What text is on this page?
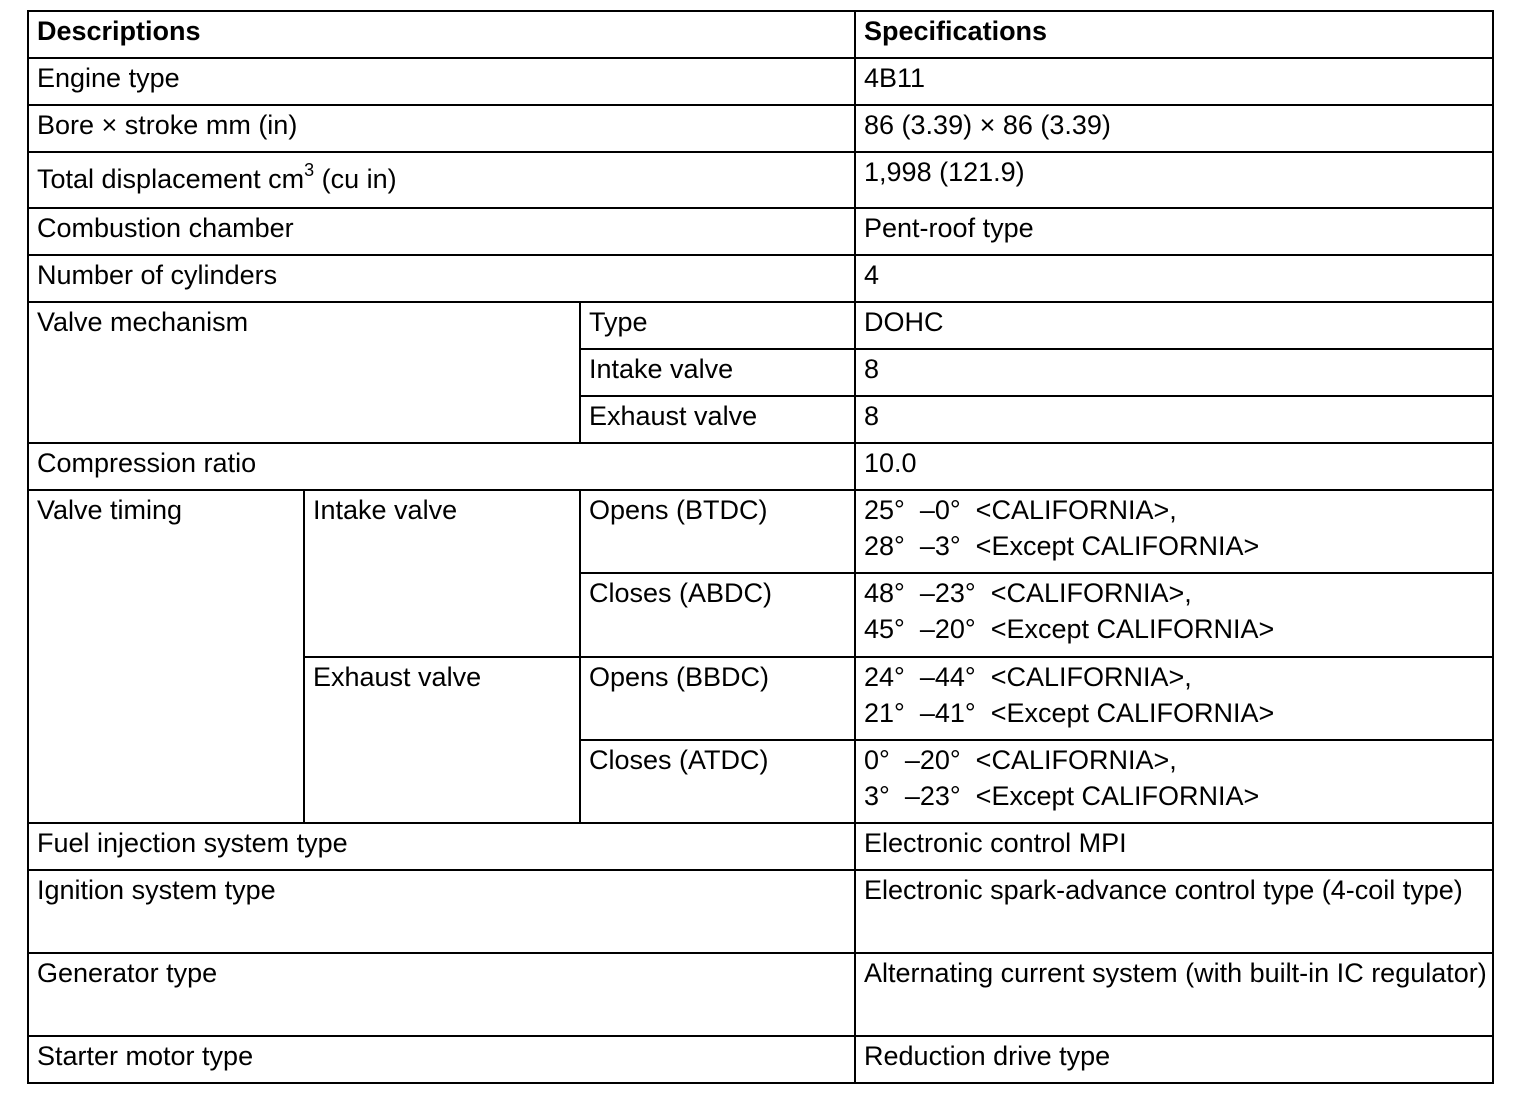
Descriptions			Specifications
Engine type			4B11
Bore × stroke mm (in)			86 (3.39) × 86 (3.39)
Total displacement $cm^3$ (cu in)			1,998 (121.9)
Combustion chamber			Pent-roof type
Number of cylinders			4
Valve mechanism		Type	DOHC
		Intake valve	8
		Exhaust valve	8
Compression ratio			10.0
Valve timing	Intake valve	Opens (BTDC)	25°  –0°  <CALIFORNIA>,
28°  –3°  <Except CALIFORNIA>

		Closes (ABDC)	48°  –23°  <CALIFORNIA>,
45°  –20°  <Except CALIFORNIA>

	Exhaust valve	Opens (BBDC)	24°  –44°  <CALIFORNIA>,
21°  –41°  <Except CALIFORNIA>

		Closes (ATDC)	0°  –20°  <CALIFORNIA>,
3°  –23°  <Except CALIFORNIA>

Fuel injection system type			Electronic control MPI
Ignition system type			Electronic spark-advance control type (4-coil type)
Generator type			Alternating current system (with built-in IC regulator)
Starter motor type			Reduction drive type
